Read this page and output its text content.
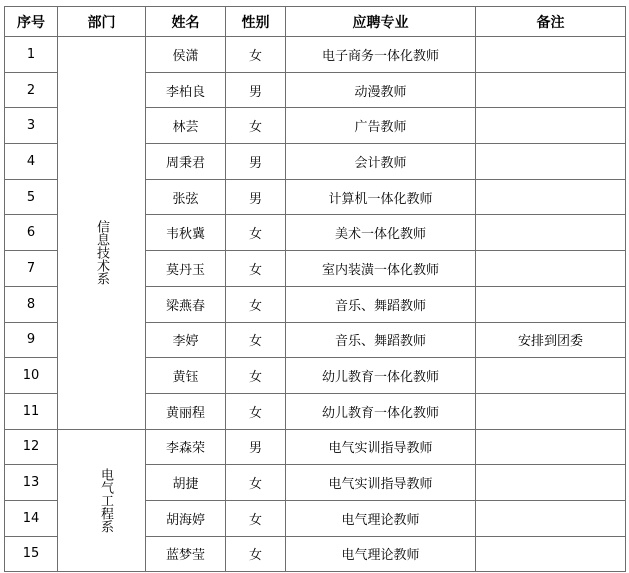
序号	部门	姓名	性别	应聘专业	备注
1	信息技术系	侯潇	女	电子商务一体化教师	
2		李柏良	男	动漫教师	
3		林芸	女	广告教师	
4		周秉君	男	会计教师	
5		张弦	男	计算机一体化教师	
6		韦秋冀	女	美术一体化教师	
7		莫丹玉	女	室内装潢一体化教师	
8		梁燕春	女	音乐、舞蹈教师	
9		李婷	女	音乐、舞蹈教师	安排到团委
10		黄钰	女	幼儿教育一体化教师	
11		黄丽程	女	幼儿教育一体化教师	
12	电气工程系	李森荣	男	电气实训指导教师	
13		胡捷	女	电气实训指导教师	
14		胡海婷	女	电气理论教师	
15		蓝梦莹	女	电气理论教师	
